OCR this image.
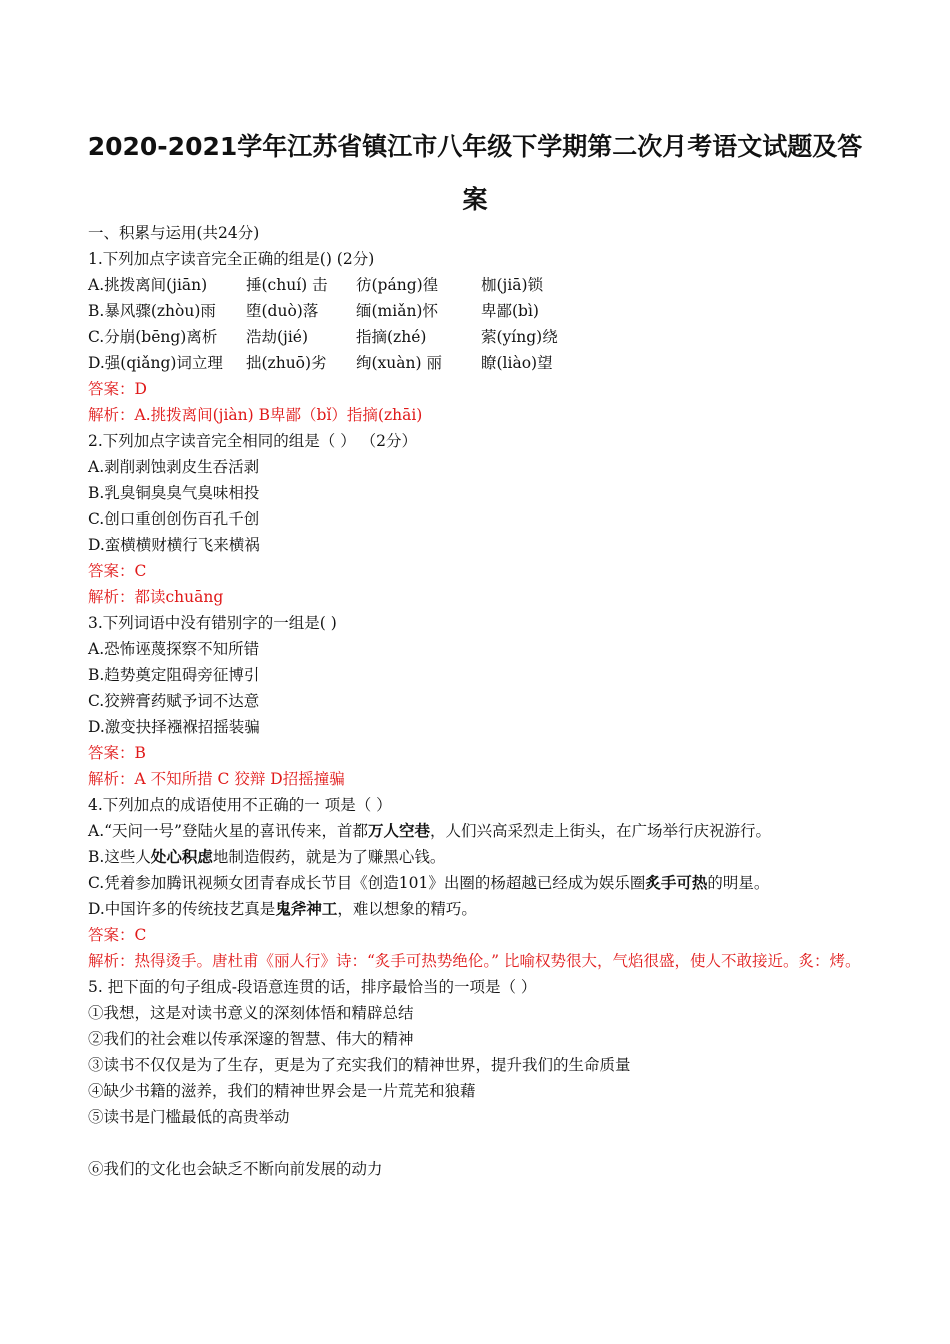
2020-2021学年江苏省镇江市八年级下学期第二次月考语文试题及答
案

一、积累与运用(共24分)

1.下列加点字读音完全正确的组是() (2分)

A.挑拨离间(jiān)	捶(chuí) 击	彷(páng)徨	枷(jiā)锁
B.暴风骤(zhòu)雨	堕(duò)落	缅(miǎn)怀	卑鄙(bì)
C.分崩(bēng)离析	浩劫(jié)	指摘(zhé)	萦(yíng)绕
D.强(qiǎng)词立理	拙(zhuō)劣	绚(xuàn) 丽	瞭(liào)望

答案：D

解析：A.挑拨离间(jiàn) B卑鄙（bǐ）指摘(zhāi)

2.下列加点字读音完全相同的组是（ ） （2分）

A.剥削剥蚀剥皮生吞活剥

B.乳臭铜臭臭气臭味相投

C.创口重创创伤百孔千创

D.蛮横横财横行飞来横祸

答案：C

解析：都读chuāng

3.下列词语中没有错别字的一组是( )

A.恐怖诬蔑探察不知所错

B.趋势奠定阻碍旁征博引

C.狡辨膏药赋予词不达意

D.激变抉择襁褓招摇装骗

答案：B

解析：A 不知所措 C 狡辩 D招摇撞骗

4.下列加点的成语使用不正确的一 项是（ ）

A.“天问一号”登陆火星的喜讯传来，首都万人空巷，人们兴高采烈走上街头，在广场举行庆祝游行。

B.这些人处心积虑地制造假药，就是为了赚黑心钱。

C.凭着参加腾讯视频女团青春成长节目《创造101》出圈的杨超越已经成为娱乐圈炙手可热的明星。

D.中国许多的传统技艺真是鬼斧神工，难以想象的精巧。

答案：C

解析：热得烫手。唐杜甫《丽人行》诗：“炙手可热势绝伦。” 比喻权势很大，气焰很盛，使人不敢接近。炙：烤。

5. 把下面的句子组成-段语意连贯的话，排序最恰当的一项是（ ）

①我想，这是对读书意义的深刻体悟和精辟总结

②我们的社会难以传承深邃的智慧、伟大的精神

③读书不仅仅是为了生存，更是为了充实我们的精神世界，提升我们的生命质量

④缺少书籍的滋养，我们的精神世界会是一片荒芜和狼藉

⑤读书是门槛最低的高贵举动

⑥我们的文化也会缺乏不断向前发展的动力
